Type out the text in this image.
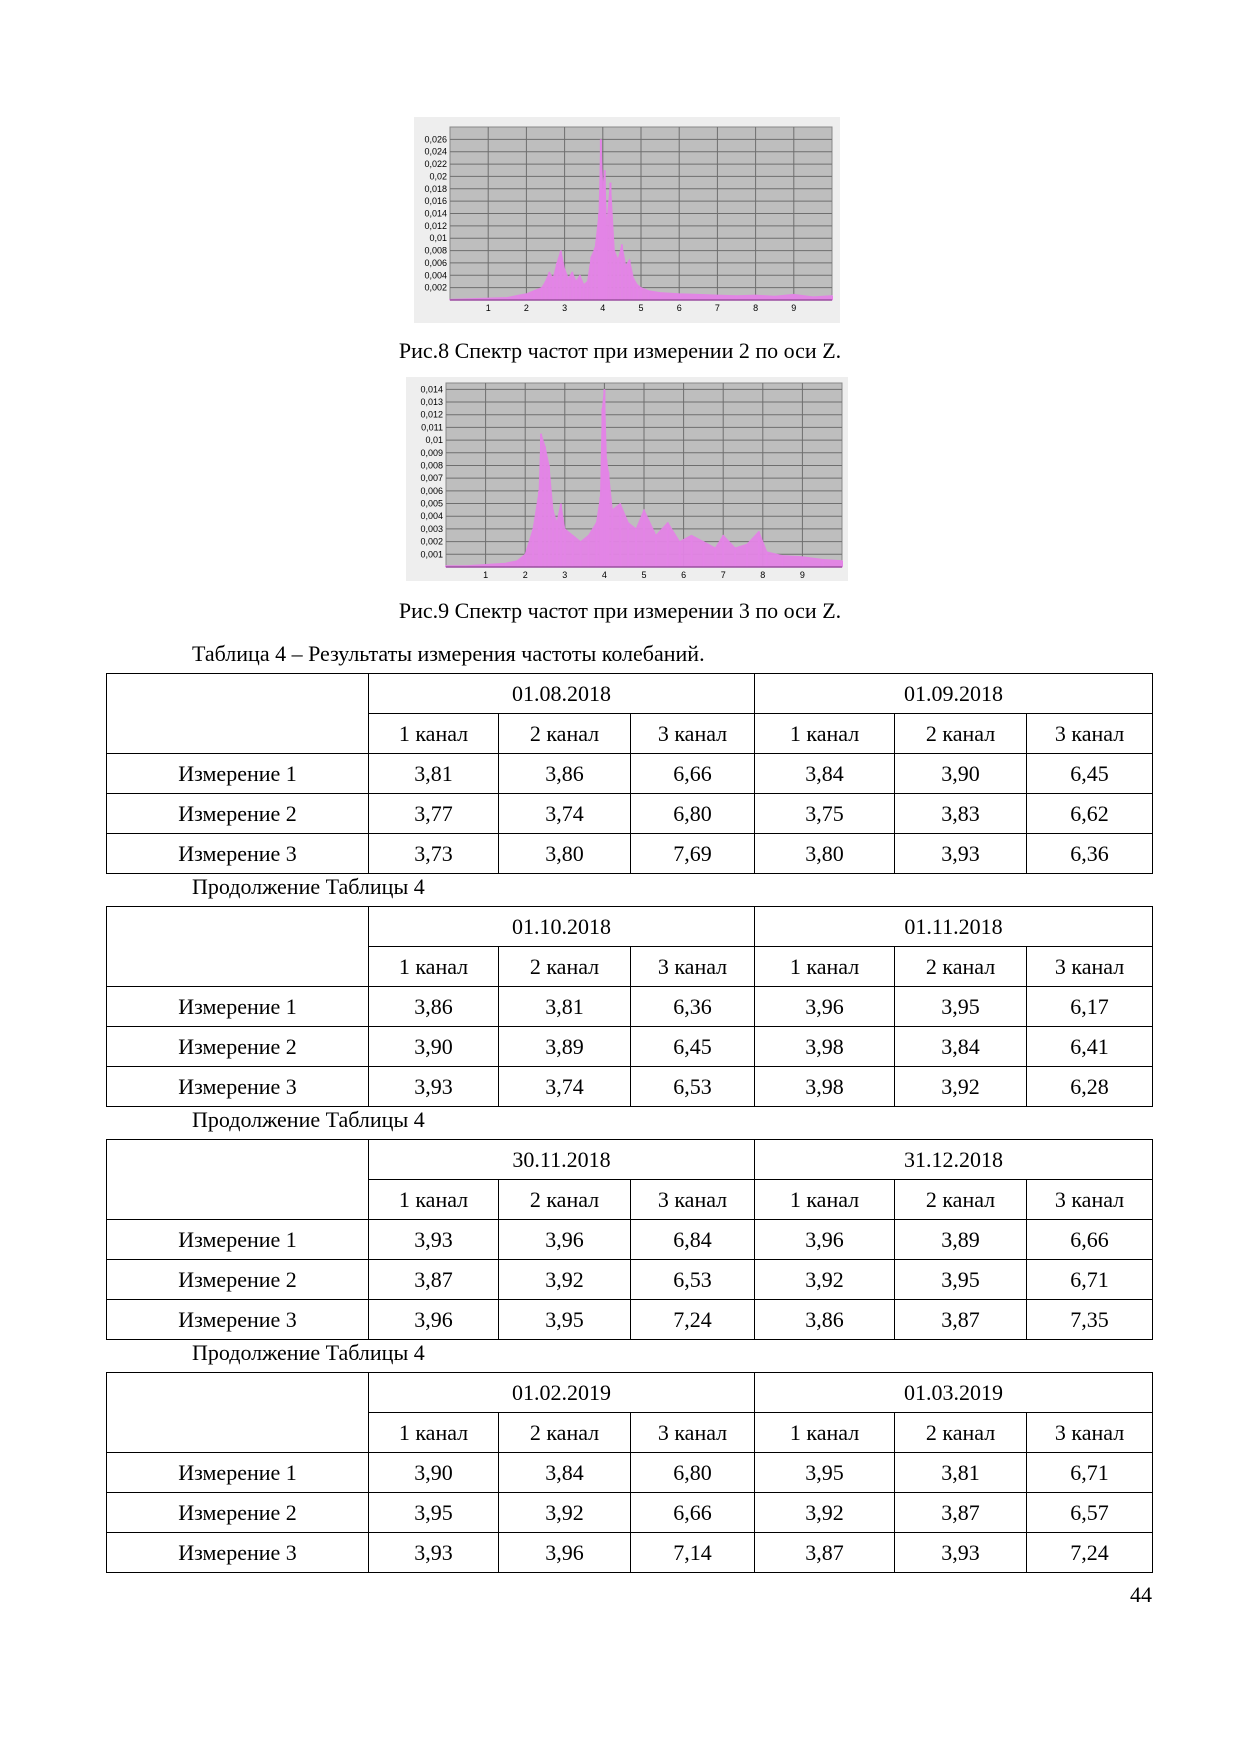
0,002
0,004
0,006
0,008
0,01
0,012
0,014
0,016
0,018
0,02
0,022
0,024
0,026
1	2	3	4	5	6	7	8	9
Рис.8 Спектр частот при измерении 2 по оси Z.
0,001
0,002
0,003
0,004
0,005
0,006
0,007
0,008
0,009
0,01
0,011
0,012
0,013
0,014
1	2	3	4	5	6	7	8	9
Рис.9 Спектр частот при измерении 3 по оси Z.
Таблица 4 – Результаты измерения частоты колебаний.
	01.08.2018			01.09.2018		
	1 канал	2 канал	3 канал	1 канал	2 канал	3 канал
Измерение 1	3,81	3,86	6,66	3,84	3,90	6,45
Измерение 2	3,77	3,74	6,80	3,75	3,83	6,62
Измерение 3	3,73	3,80	7,69	3,80	3,93	6,36
Продолжение Таблицы 4
	01.10.2018			01.11.2018		
	1 канал	2 канал	3 канал	1 канал	2 канал	3 канал
Измерение 1	3,86	3,81	6,36	3,96	3,95	6,17
Измерение 2	3,90	3,89	6,45	3,98	3,84	6,41
Измерение 3	3,93	3,74	6,53	3,98	3,92	6,28
Продолжение Таблицы 4
	30.11.2018			31.12.2018		
	1 канал	2 канал	3 канал	1 канал	2 канал	3 канал
Измерение 1	3,93	3,96	6,84	3,96	3,89	6,66
Измерение 2	3,87	3,92	6,53	3,92	3,95	6,71
Измерение 3	3,96	3,95	7,24	3,86	3,87	7,35
Продолжение Таблицы 4
	01.02.2019			01.03.2019		
	1 канал	2 канал	3 канал	1 канал	2 канал	3 канал
Измерение 1	3,90	3,84	6,80	3,95	3,81	6,71
Измерение 2	3,95	3,92	6,66	3,92	3,87	6,57
Измерение 3	3,93	3,96	7,14	3,87	3,93	7,24
44
